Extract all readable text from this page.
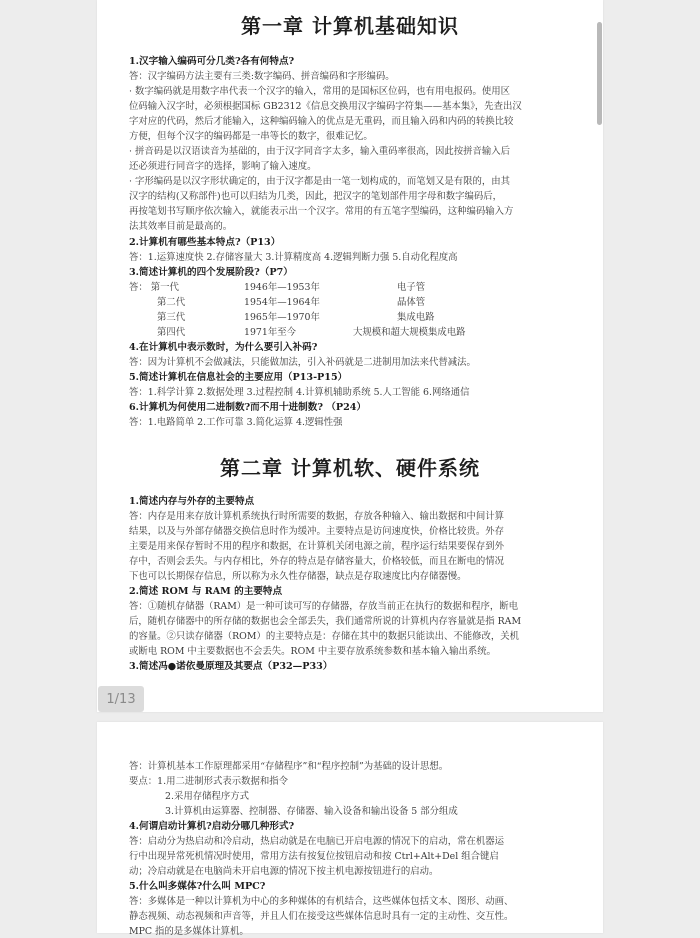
第一章 计算机基础知识
1.汉字输入编码可分几类?各有何特点?
答：汉字编码方法主要有三类:数字编码、拼音编码和字形编码。
· 数字编码就是用数字串代表一个汉字的输入，常用的是国标区位码，也有用电报码。使用区
位码输入汉字时，必须根据国标 GB2312《信息交换用汉字编码字符集——基本集》，先查出汉
字对应的代码，然后才能输入，这种编码输入的优点是无重码，而且输入码和内码的转换比较
方便，但每个汉字的编码都是一串等长的数字，很难记忆。
· 拼音码是以汉语读音为基础的，由于汉字同音字太多，输入重码率很高，因此按拼音输入后
还必须进行同音字的选择，影响了输入速度。
· 字形编码是以汉字形状确定的，由于汉字都是由一笔一划构成的，而笔划又是有限的，由其
汉字的结构(又称部件)也可以归结为几类，因此，把汉字的笔划部件用字母和数字编码后，
再按笔划书写顺序依次输入，就能表示出一个汉字。常用的有五笔字型编码，这种编码输入方
法其效率目前是最高的。
2.计算机有哪些基本特点?（P13）
答：1.运算速度快 2.存储容量大 3.计算精度高 4.逻辑判断力强 5.自动化程度高
3.简述计算机的四个发展阶段?（P7）
答： 第一代	1946年—1953年	电子管
第二代	1954年—1964年	晶体管
第三代	1965年—1970年	集成电路
第四代	1971年至今	大规模和超大规模集成电路
4.在计算机中表示数时，为什么要引入补码?
答：因为计算机不会做减法，只能做加法，引入补码就是二进制用加法来代替减法。
5.简述计算机在信息社会的主要应用（P13-P15）
答：1.科学计算 2.数据处理 3.过程控制 4.计算机辅助系统 5.人工智能 6.网络通信
6.计算机为何使用二进制数?而不用十进制数? （P24）
答：1.电路简单 2.工作可靠 3.简化运算 4.逻辑性强
第二章 计算机软、硬件系统
1.简述内存与外存的主要特点
答：内存是用来存放计算机系统执行时所需要的数据，存放各种输入、输出数据和中间计算
结果，以及与外部存储器交换信息时作为缓冲。主要特点是访问速度快，价格比较贵。外存
主要是用来保存暂时不用的程序和数据，在计算机关闭电源之前，程序运行结果要保存到外
存中，否则会丢失。与内存相比，外存的特点是存储容量大，价格较低，而且在断电的情况
下也可以长期保存信息，所以称为永久性存储器，缺点是存取速度比内存储器慢。
2.简述 ROM 与 RAM 的主要特点
答：①随机存储器（RAM）是一种可读可写的存储器，存放当前正在执行的数据和程序，断电
后，随机存储器中的所存储的数据也会全部丢失，我们通常所说的计算机内存容量就是指 RAM
的容量。②只读存储器（ROM）的主要特点是：存储在其中的数据只能读出、不能修改，关机
或断电 ROM 中主要数据也不会丢失。ROM 中主要存放系统参数和基本输入输出系统。
3.简述冯●诺依曼原理及其要点（P32—P33）
1/13
答：计算机基本工作原理都采用“存储程序”和“程序控制”为基础的设计思想。
要点：1.用二进制形式表示数据和指令
2.采用存储程序方式
3.计算机由运算器、控制器、存储器、输入设备和输出设备 5 部分组成
4.何谓启动计算机?启动分哪几种形式?
答：启动分为热启动和冷启动，热启动就是在电脑已开启电源的情况下的启动，常在机器运
行中出现异常死机情况时使用，常用方法有按复位按钮启动和按 Ctrl+Alt+Del 组合键启
动；冷启动就是在电脑尚未开启电源的情况下按主机电源按钮进行的启动。
5.什么叫多媒体?什么叫 MPC?
答：多媒体是一种以计算机为中心的多种媒体的有机结合，这些媒体包括文本、图形、动画、
静态视频、动态视频和声音等，并且人们在接受这些媒体信息时具有一定的主动性、交互性。
MPC 指的是多媒体计算机。
